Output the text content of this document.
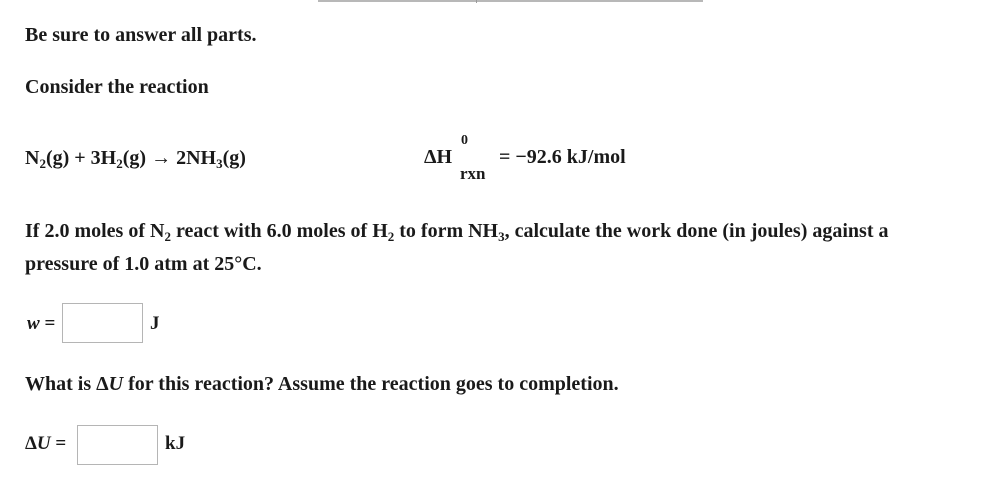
Be sure to answer all parts.
Consider the reaction
$N_2(g) + 3H_2(g) \to 2NH_3(g)$	ΔH
0
rxn
= −92.6 kJ/mol
If 2.0 moles of $N_2$ react with 6.0 moles of $H_2$ to form $NH_3$, calculate the work done (in joules) against a
pressure of 1.0 atm at 25°C.
w =	J
What is ΔU for this reaction? Assume the reaction goes to completion.
ΔU =	kJ
